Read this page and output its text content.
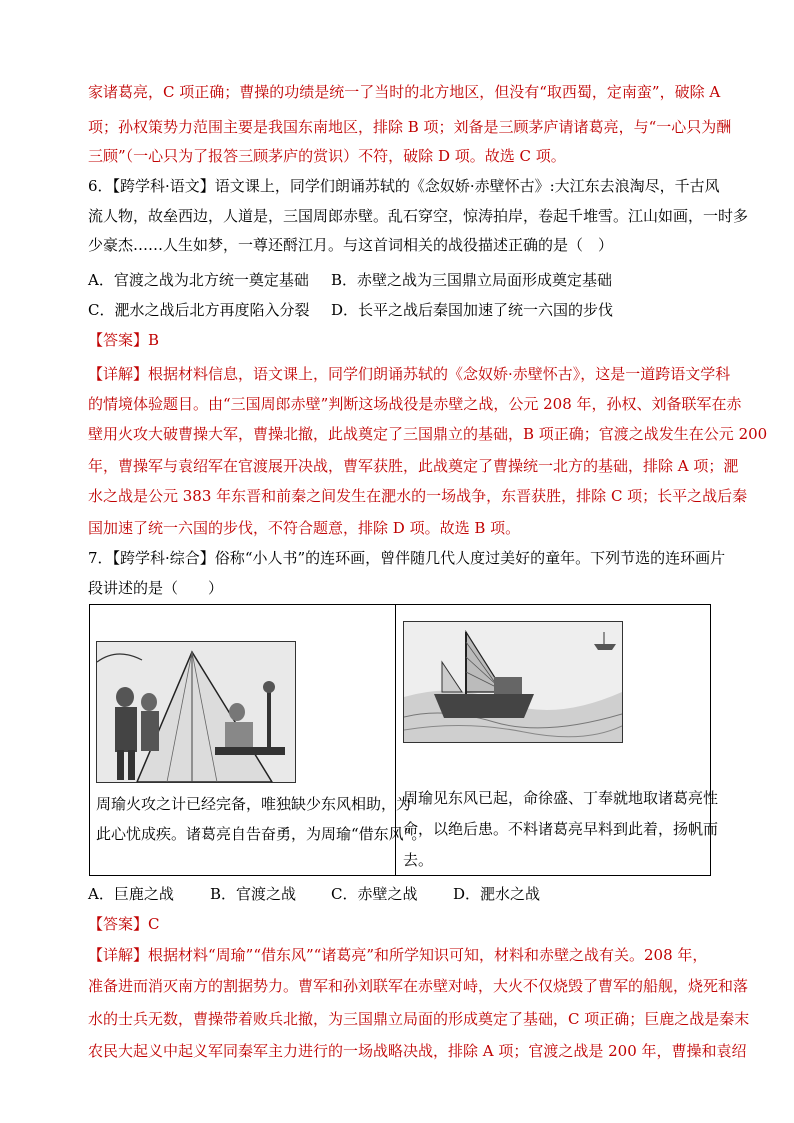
家诸葛亮，C 项正确；曹操的功绩是统一了当时的北方地区，但没有“取西蜀，定南蛮”，破除 A
项；孙权策势力范围主要是我国东南地区，排除 B 项；刘备是三顾茅庐请诸葛亮，与“一心只为酬
三顾”（一心只为了报答三顾茅庐的赏识）不符，破除 D 项。故选 C 项。
6．【跨学科·语文】语文课上，同学们朗诵苏轼的《念奴娇·赤壁怀古》:大江东去浪淘尽，千古风
流人物，故垒西边，人道是，三国周郎赤壁。乱石穿空，惊涛拍岸，卷起千堆雪。江山如画，一时多
少豪杰……人生如梦，一尊还酹江月。与这首词相关的战役描述正确的是（　）
A．官渡之战为北方统一奠定基础 B．赤壁之战为三国鼎立局面形成奠定基础
C．淝水之战后北方再度陷入分裂 D．长平之战后秦国加速了统一六国的步伐
【答案】B
【详解】根据材料信息，语文课上，同学们朗诵苏轼的《念奴娇·赤壁怀古》，这是一道跨语文学科
的情境体验题目。由“三国周郎赤壁”判断这场战役是赤壁之战，公元 208 年，孙权、刘备联军在赤
壁用火攻大破曹操大军，曹操北撤，此战奠定了三国鼎立的基础，B 项正确；官渡之战发生在公元 200
年，曹操军与袁绍军在官渡展开决战，曹军获胜，此战奠定了曹操统一北方的基础，排除 A 项；淝
水之战是公元 383 年东晋和前秦之间发生在淝水的一场战争，东晋获胜，排除 C 项；长平之战后秦
国加速了统一六国的步伐，不符合题意，排除 D 项。故选 B 项。
7．【跨学科·综合】俗称“小人书”的连环画，曾伴随几代人度过美好的童年。下列节选的连环画片
段讲述的是（　　）
周瑜火攻之计已经完备，唯独缺少东风相助，为
此心忧成疾。诸葛亮自告奋勇，为周瑜“借东风”。
周瑜见东风已起，命徐盛、丁奉就地取诸葛亮性
命，以绝后患。不料诸葛亮早料到此着，扬帆而
去。
A．巨鹿之战 B．官渡之战 C．赤壁之战 D．淝水之战
【答案】C
【详解】根据材料“周瑜”“借东风”“诸葛亮”和所学知识可知，材料和赤壁之战有关。208 年，
准备进而消灭南方的割据势力。曹军和孙刘联军在赤壁对峙，大火不仅烧毁了曹军的船舰，烧死和落
水的士兵无数，曹操带着败兵北撤，为三国鼎立局面的形成奠定了基础，C 项正确；巨鹿之战是秦末
农民大起义中起义军同秦军主力进行的一场战略决战，排除 A 项；官渡之战是 200 年，曹操和袁绍
